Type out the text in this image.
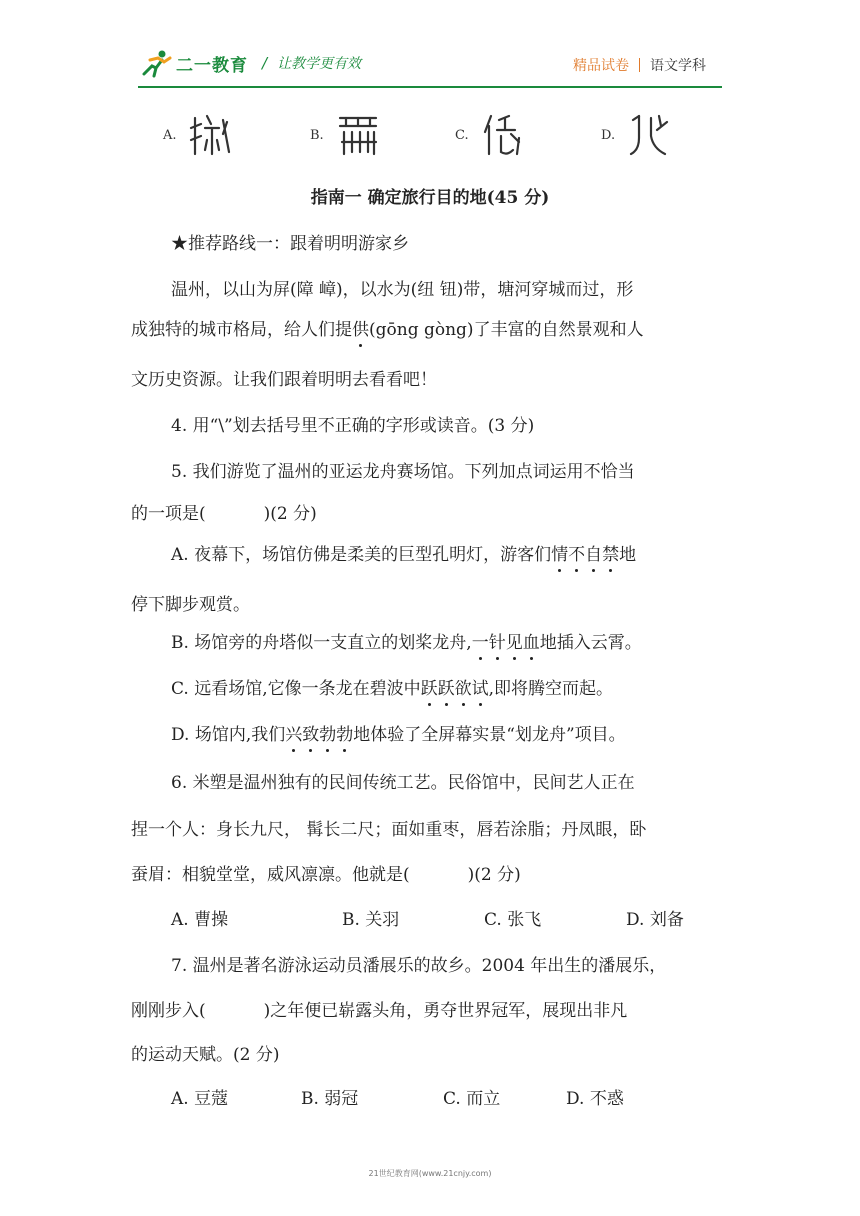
二一教育 / 让教学更有效	精品试卷 语文学科
A.	B.	C.	D.
指南一 确定旅行目的地(45 分)
★推荐路线一：跟着明明游家乡
温州，以山为屏(障 嶂)，以水为(纽 钮)带，塘河穿城而过，形
成独特的城市格局，给人们提供(gōng gòng)了丰富的自然景观和人
文历史资源。让我们跟着明明去看看吧！
4. 用“\”划去括号里不正确的字形或读音。(3 分)
5. 我们游览了温州的亚运龙舟赛场馆。下列加点词运用不恰当
的一项是(	)(2 分)
A. 夜幕下，场馆仿佛是柔美的巨型孔明灯，游客们情不自禁地
停下脚步观赏。
B. 场馆旁的舟塔似一支直立的划桨龙舟,一针见血地插入云霄。
C. 远看场馆,它像一条龙在碧波中跃跃欲试,即将腾空而起。
D. 场馆内,我们兴致勃勃地体验了全屏幕实景“划龙舟”项目。
6. 米塑是温州独有的民间传统工艺。民俗馆中，民间艺人正在
捏一个人：身长九尺， 髯长二尺；面如重枣，唇若涂脂；丹凤眼，卧
蚕眉：相貌堂堂，威风凛凛。他就是(	)(2 分)
A. 曹操	B. 关羽	C. 张飞	D. 刘备
7. 温州是著名游泳运动员潘展乐的故乡。2004 年出生的潘展乐，
刚刚步入(	)之年便已崭露头角，勇夺世界冠军，展现出非凡
的运动天赋。(2 分)
A. 豆蔻	B. 弱冠	C. 而立	D. 不惑
21世纪教育网(www.21cnjy.com)
